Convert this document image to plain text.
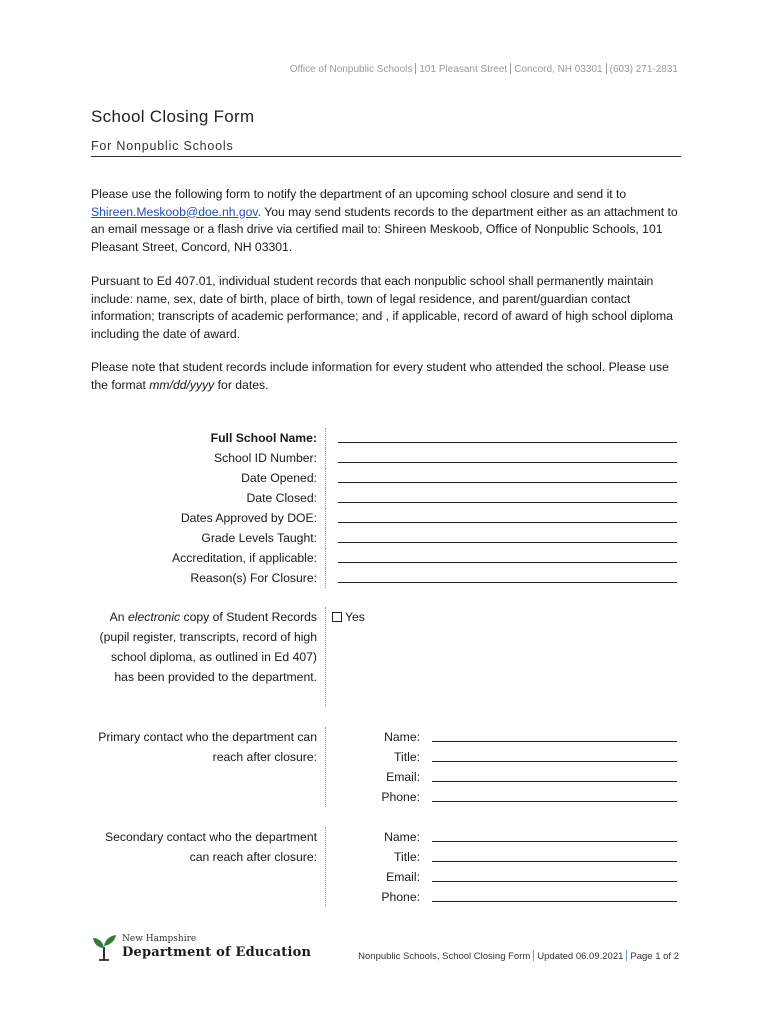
Office of Nonpublic Schools 101 Pleasant Street Concord, NH 03301 (603) 271-2831
School Closing Form
For Nonpublic Schools
Please use the following form to notify the department of an upcoming school closure and send it to Shireen.Meskoob@doe.nh.gov. You may send students records to the department either as an attachment to an email message or a flash drive via certified mail to: Shireen Meskoob, Office of Nonpublic Schools, 101 Pleasant Street, Concord, NH 03301.
Pursuant to Ed 407.01, individual student records that each nonpublic school shall permanently maintain include: name, sex, date of birth, place of birth, town of legal residence, and parent/guardian contact information; transcripts of academic performance; and , if applicable, record of award of high school diploma including the date of award.
Please note that student records include information for every student who attended the school. Please use the format mm/dd/yyyy for dates.
Full School Name:
School ID Number:
Date Opened:
Date Closed:
Dates Approved by DOE:
Grade Levels Taught:
Accreditation, if applicable:
Reason(s) For Closure:
An electronic copy of Student Records (pupil register, transcripts, record of high school diploma, as outlined in Ed 407) has been provided to the department.
Yes
Primary contact who the department can reach after closure:
Name:
Title:
Email:
Phone:
Secondary contact who the department can reach after closure:
Name:
Title:
Email:
Phone:
New Hampshire
Department of Education	Nonpublic Schools, School Closing Form Updated 06.09.2021 Page 1 of 2
